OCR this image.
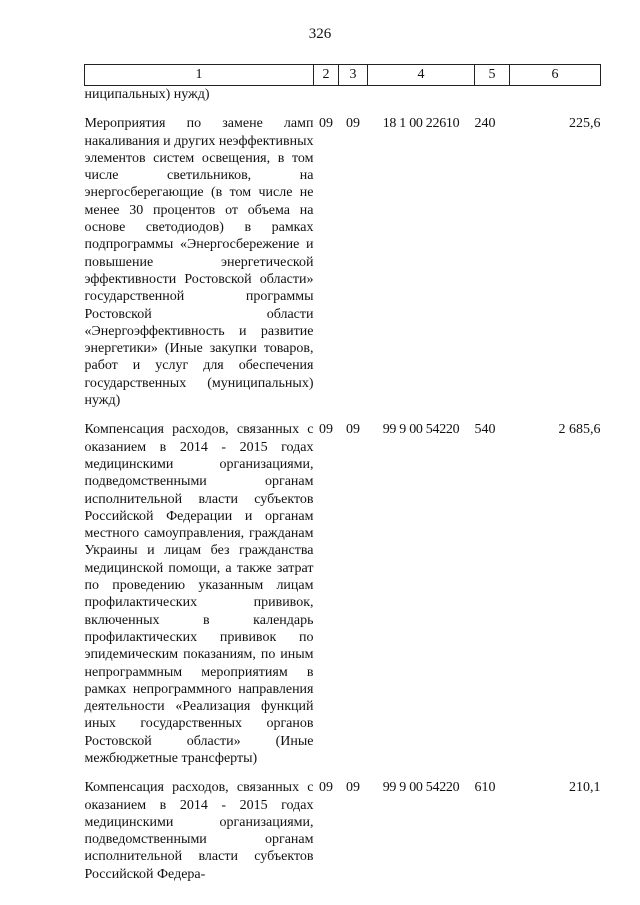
326
1	2	3	4	5	6
ниципальных) нужд)					

Мероприятия по замене ламп накаливания и других неэффективных элементов систем освещения, в том числе светильников, на энергосберегающие (в том числе не менее 30 процентов от объема на основе светодиодов) в рамках подпрограммы «Энергосбережение и повышение энергетической эффективности Ростовской области» государственной программы Ростовской области «Энергоэффективность и развитие энергетики» (Иные закупки товаров, работ и услуг для обеспечения государственных (муниципальных) нужд)	09	09	18 1 00 22610	240	225,6

Компенсация расходов, связанных с оказанием в 2014 - 2015 годах медицинскими организациями, подведомственными органам исполнительной власти субъектов Российской Федерации и органам местного самоуправления, гражданам Украины и лицам без гражданства медицинской помощи, а также затрат по проведению указанным лицам профилактических прививок, включенных в календарь профилактических прививок по эпидемическим показаниям, по иным непрограммным мероприятиям в рамках непрограммного направления деятельности «Реализация функций иных государственных органов Ростовской области» (Иные межбюджетные трансферты)	09	09	99 9 00 54220	540	2 685,6

Компенсация расходов, связанных с оказанием в 2014 - 2015 годах медицинскими организациями, подведомственными органам исполнительной власти субъектов Российской Федера-	09	09	99 9 00 54220	610	210,1
